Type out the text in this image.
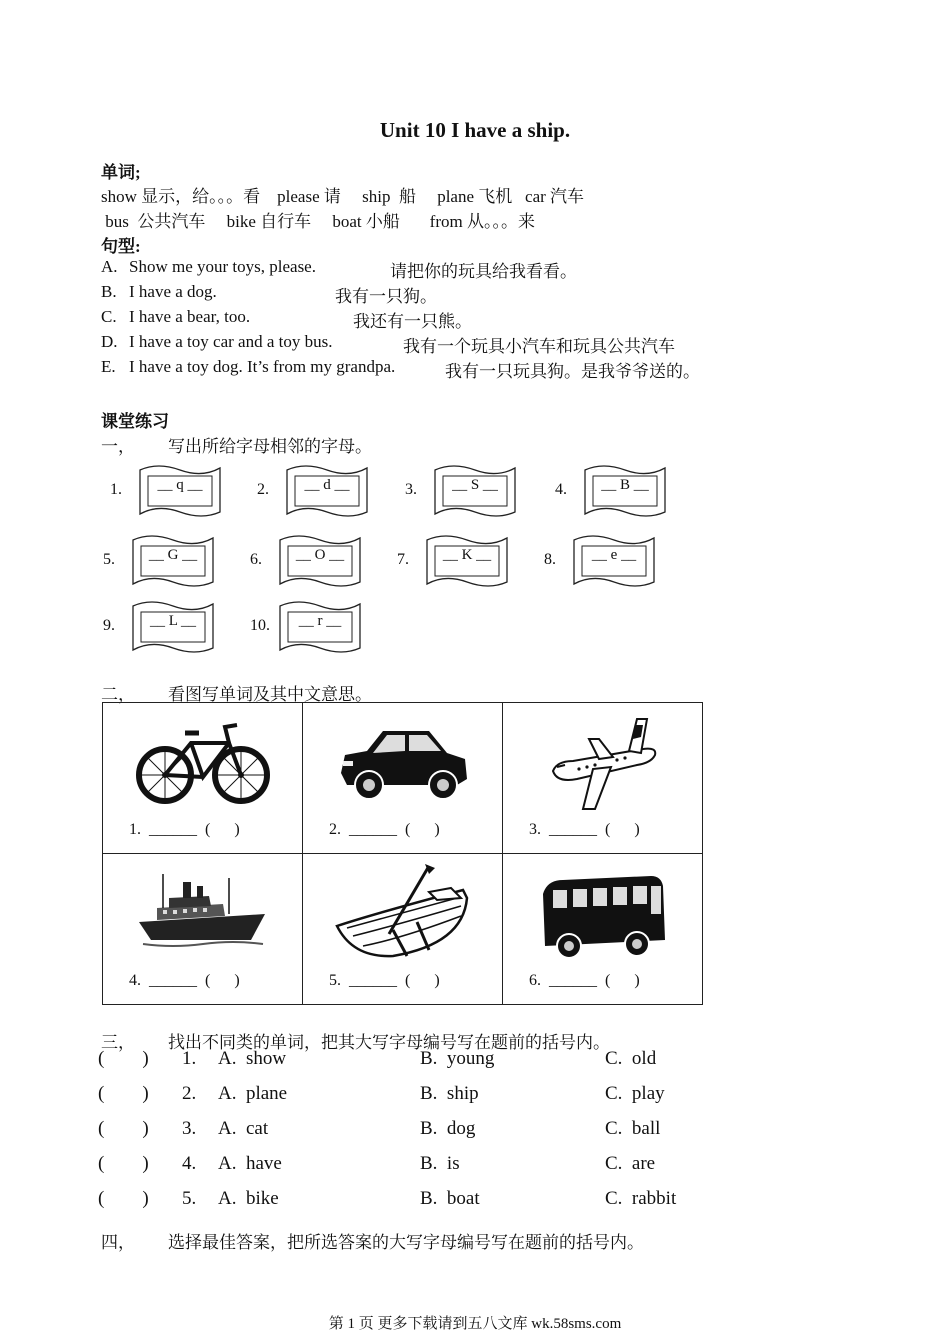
Unit 10 I have a ship.
单词;
show 显示，给。。。看    please 请     ship  船     plane 飞机   car 汽车
bus  公共汽车     bike 自行车     boat 小船       from 从。。。来
句型:
A. Show me your toys, please.	请把你的玩具给我看看。
B. I have a dog.	我有一只狗。
C. I have a bear, too.	我还有一只熊。
D. I have a toy car and a toy bus.	我有一个玩具小汽车和玩具公共汽车
E. I have a toy dog. It’s from my grandpa.	我有一只玩具狗。是我爷爷送的。
课堂练习
一， 写出所给字母相邻的字母。
1.	__ q __	2.	__ d __	3.	__ S __	4.	__ B __
5.	__ G __	6.	__ O __	7.	__ K __	8.	__ e __
9.	__ L __	10.	__ r __
二， 看图写单词及其中文意思。
1.  ______  (      )	2.  ______  (      )	3.  ______  (      )

4.  ______  (      )	5.  ______  (      )	6.  ______  (      )
三， 找出不同类的单词，把其大写字母编号写在题前的括号内。
(        ) 1. A.  show	B.  young	C.  old
(        ) 2. A.  plane	B.  ship	C.  play
(        ) 3. A.  cat	B.  dog	C.  ball
(        ) 4. A.  have	B.  is	C.  are
(        ) 5. A.  bike	B.  boat	C.  rabbit
四， 选择最佳答案，把所选答案的大写字母编号写在题前的括号内。
第 1 页 更多下载请到五八文库 wk.58sms.com
